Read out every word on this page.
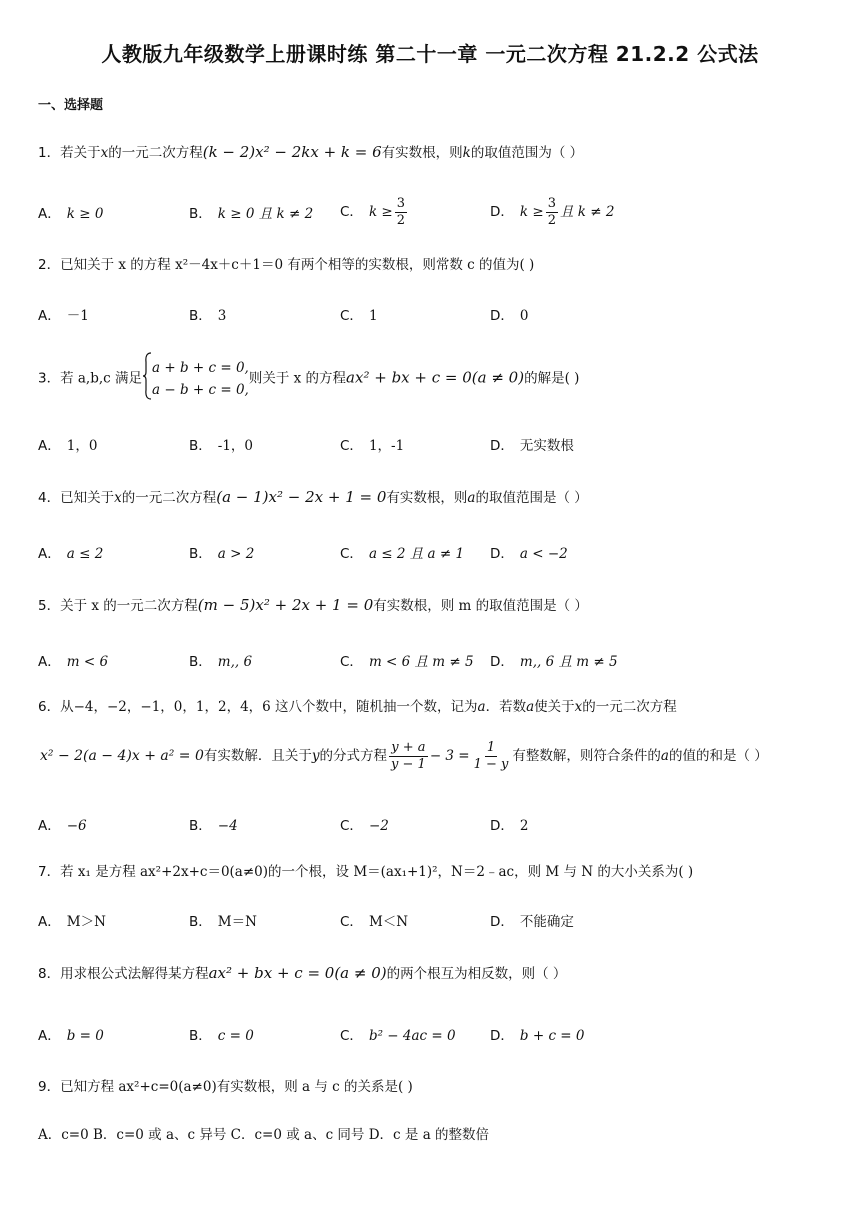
人教版九年级数学上册课时练 第二十一章 一元二次方程 21.2.2 公式法
一、选择题
1．若关于x的一元二次方程(k − 2)x² − 2kx + k = 6有实数根，则k的取值范围为（ ）
A． k ≥ 0	B． k ≥ 0 且 k ≠ 2 C． $k \ge \frac{3}{2}$	D． $k \ge \frac{3}{2}$ 且 k ≠ 2
2．已知关于 x 的方程 x²－4x＋c＋1＝0 有两个相等的实数根，则常数 c 的值为( )
A． －1	B． 3	C． 1	D． 0
3．若 a,b,c 满足
a + b + c = 0,
a − b + c = 0,
则关于 x 的方程ax² + bx + c = 0(a ≠ 0)的解是( )
A． 1，0	B． -1，0	C． 1，-1	D． 无实数根
4．已知关于x的一元二次方程(a − 1)x² − 2x + 1 = 0有实数根，则a的取值范围是（ ）
A． a ≤ 2	B． a > 2	C． a ≤ 2 且 a ≠ 1 D． a < −2
5．关于 x 的一元二次方程(m − 5)x² + 2x + 1 = 0有实数根，则 m 的取值范围是（ ）
A． m < 6	B． m,, 6	C． m < 6 且 m ≠ 5 D． m,, 6 且 m ≠ 5
6．从−4，−2，−1，0，1，2，4，6 这八个数中，随机抽一个数，记为a．若数a使关于x的一元二次方程
x² − 2(a − 4)x + a² = 0有实数解．且关于y的分式方程 $\frac{y + a}{y - 1} - 3 = \frac{1}{1 - y}$ 有整数解，则符合条件的a的值的和是（ ）
A． −6	B． −4	C． −2	D． 2
7．若 x₁ 是方程 ax²+2x+c＝0(a≠0)的一个根，设 M＝(ax₁+1)²，N＝2﹣ac，则 M 与 N 的大小关系为( )
A． M＞N	B． M＝N	C． M＜N	D． 不能确定
8．用求根公式法解得某方程ax² + bx + c = 0(a ≠ 0)的两个根互为相反数，则（ ）
A． b = 0	B． c = 0	C． b² − 4ac = 0	D． b + c = 0
9．已知方程 ax²+c=0(a≠0)有实数根，则 a 与 c 的关系是( )
A．c=0 B．c=0 或 a、c 异号 C．c=0 或 a、c 同号 D．c 是 a 的整数倍
